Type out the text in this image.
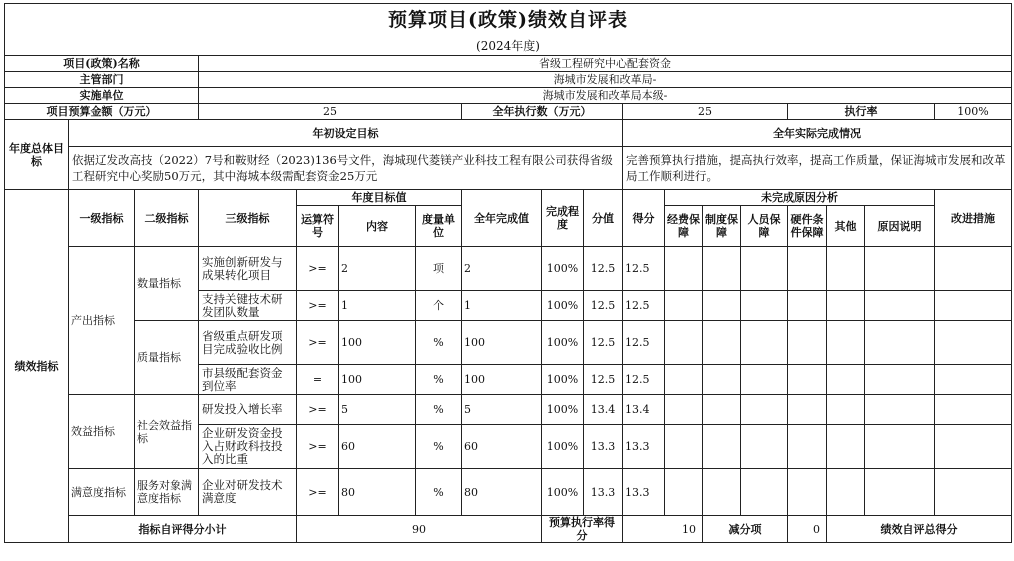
预算项目(政策)绩效自评表																		
(2024年度)																		
项目(政策)名称			省级工程研究中心配套资金															
主管部门			海城市发展和改革局-															
实施单位			海城市发展和改革局本级-															
项目预算金额（万元）			25				全年执行数（万元）			25				执行率			100%	
年度总体目标	年初设定目标									全年实际完成情况								
	依据辽发改高技（2022）7号和鞍财经（2023)136号文件，海城现代菱镁产业科技工程有限公司获得省级工程研究中心奖励50万元，其中海城本级需配套资金25万元									完善预算执行措施，提高执行效率，提高工作质量，保证海城市发展和改革局工作顺利进行。								
绩效指标	一级指标	二级指标	三级指标	年度目标值			全年完成值	完成程度	分值	得分	未完成原因分析						改进措施	
				运算符号	内容	度量单位					经费保障	制度保障	人员保障	硬件条件保障	其他	原因说明		
	产出指标	数量指标	实施创新研发与成果转化项目	>=	2	项	2	100%	12.5	12.5								
			支持关键技术研发团队数量	>=	1	个	1	100%	12.5	12.5								
		质量指标	省级重点研发项目完成验收比例	>=	100	%	100	100%	12.5	12.5								
			市县级配套资金到位率	=	100	%	100	100%	12.5	12.5								
	效益指标	社会效益指标	研发投入增长率	>=	5	%	5	100%	13.4	13.4								
			企业研发资金投入占财政科技投入的比重	>=	60	%	60	100%	13.3	13.3								
	满意度指标	服务对象满意度指标	企业对研发技术满意度	>=	80	%	80	100%	13.3	13.3								
	指标自评得分小计			90				预算执行率得分		10		减分项		0	绩效自评总得分	
